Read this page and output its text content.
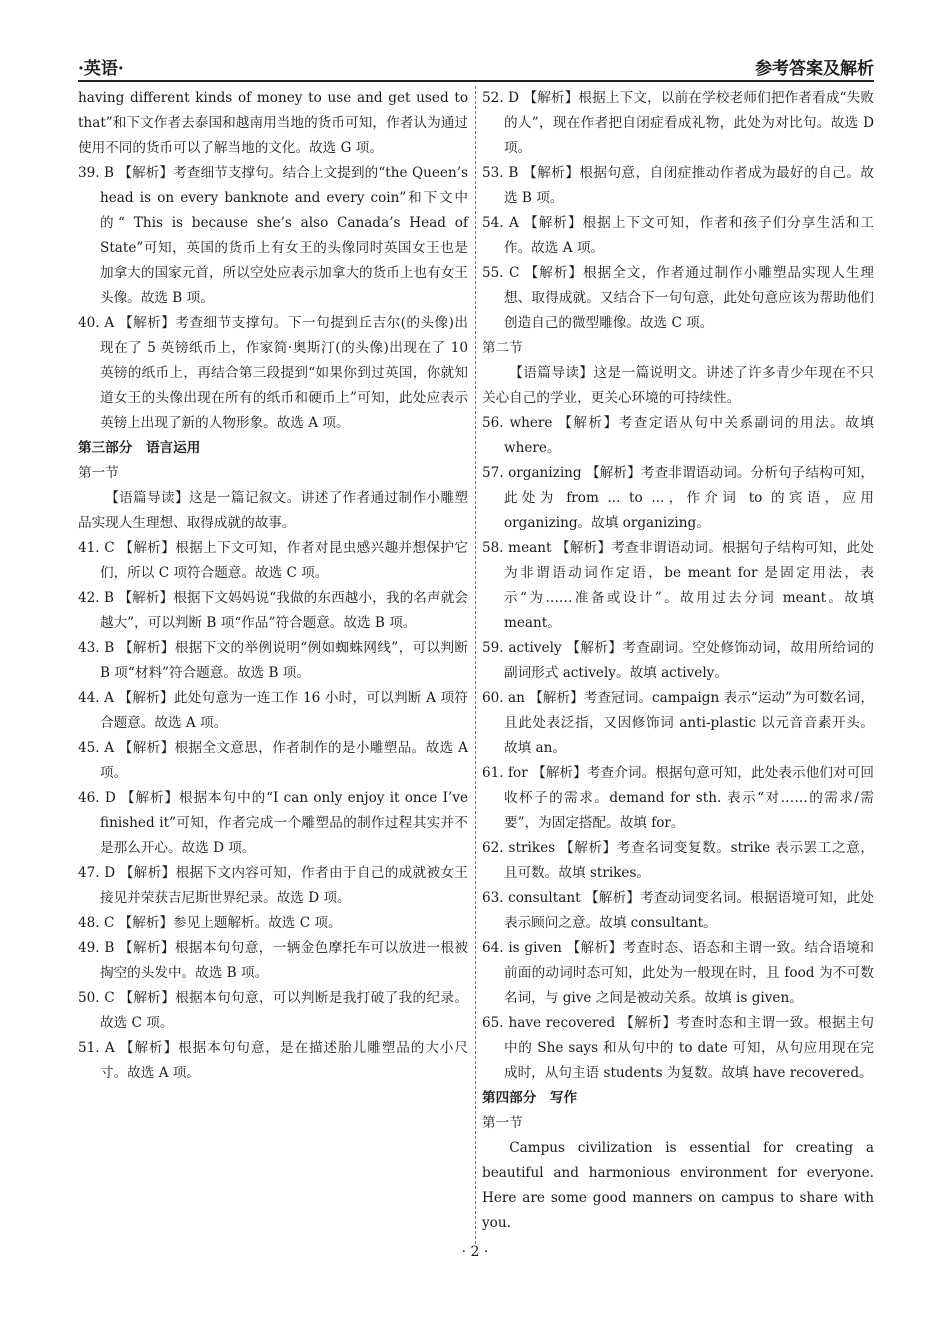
·英语·	参考答案及解析

having different kinds of money to use and get used to that”和下文作者去泰国和越南用当地的货币可知，作者认为通过使用不同的货币可以了解当地的文化。故选 G 项。

39. B 【解析】考查细节支撑句。结合上文提到的“the Queen’s head is on every banknote and every coin”和下文中的“ This is because she’s also Canada’s Head of State”可知，英国的货币上有女王的头像同时英国女王也是加拿大的国家元首，所以空处应表示加拿大的货币上也有女王头像。故选 B 项。

40. A 【解析】考查细节支撑句。下一句提到丘吉尔(的头像)出现在了 5 英镑纸币上，作家简·奥斯汀(的头像)出现在了 10 英镑的纸币上，再结合第三段提到“如果你到过英国，你就知道女王的头像出现在所有的纸币和硬币上”可知，此处应表示英镑上出现了新的人物形象。故选 A 项。

第三部分　语言运用

第一节

【语篇导读】这是一篇记叙文。讲述了作者通过制作小雕塑品实现人生理想、取得成就的故事。

41. C 【解析】根据上下文可知，作者对昆虫感兴趣并想保护它们，所以 C 项符合题意。故选 C 项。

42. B 【解析】根据下文妈妈说“我做的东西越小，我的名声就会越大”，可以判断 B 项“作品”符合题意。故选 B 项。

43. B 【解析】根据下文的举例说明“例如蜘蛛网线”，可以判断 B 项“材料”符合题意。故选 B 项。

44. A 【解析】此处句意为一连工作 16 小时，可以判断 A 项符合题意。故选 A 项。

45. A 【解析】根据全文意思，作者制作的是小雕塑品。故选 A 项。

46. D 【解析】根据本句中的“I can only enjoy it once I’ve finished it”可知，作者完成一个雕塑品的制作过程其实并不是那么开心。故选 D 项。

47. D 【解析】根据下文内容可知，作者由于自己的成就被女王接见并荣获吉尼斯世界纪录。故选 D 项。

48. C 【解析】参见上题解析。故选 C 项。

49. B 【解析】根据本句句意，一辆金色摩托车可以放进一根被掏空的头发中。故选 B 项。

50. C 【解析】根据本句句意，可以判断是我打破了我的纪录。故选 C 项。

51. A 【解析】根据本句句意，是在描述胎儿雕塑品的大小尺寸。故选 A 项。

52. D 【解析】根据上下文，以前在学校老师们把作者看成“失败的人”，现在作者把自闭症看成礼物，此处为对比句。故选 D 项。

53. B 【解析】根据句意，自闭症推动作者成为最好的自己。故选 B 项。

54. A 【解析】根据上下文可知，作者和孩子们分享生活和工作。故选 A 项。

55. C 【解析】根据全文，作者通过制作小雕塑品实现人生理想、取得成就。又结合下一句句意，此处句意应该为帮助他们创造自己的微型雕像。故选 C 项。

第二节

【语篇导读】这是一篇说明文。讲述了许多青少年现在不只关心自己的学业，更关心环境的可持续性。

56. where 【解析】考查定语从句中关系副词的用法。故填 where。

57. organizing 【解析】考查非谓语动词。分析句子结构可知，此处为 from ... to ...，作介词 to 的宾语，应用 organizing。故填 organizing。

58. meant 【解析】考查非谓语动词。根据句子结构可知，此处为非谓语动词作定语，be meant for 是固定用法，表示“为……准备或设计”。故用过去分词 meant。故填 meant。

59. actively 【解析】考查副词。空处修饰动词，故用所给词的副词形式 actively。故填 actively。

60. an 【解析】考查冠词。campaign 表示“运动”为可数名词，且此处表泛指，又因修饰词 anti-plastic 以元音音素开头。故填 an。

61. for 【解析】考查介词。根据句意可知，此处表示他们对可回收杯子的需求。demand for sth. 表示“对……的需求/需要”，为固定搭配。故填 for。

62. strikes 【解析】考查名词变复数。strike 表示罢工之意，且可数。故填 strikes。

63. consultant 【解析】考查动词变名词。根据语境可知，此处表示顾问之意。故填 consultant。

64. is given 【解析】考查时态、语态和主谓一致。结合语境和前面的动词时态可知，此处为一般现在时，且 food 为不可数名词，与 give 之间是被动关系。故填 is given。

65. have recovered 【解析】考查时态和主谓一致。根据主句中的 She says 和从句中的 to date 可知，从句应用现在完成时，从句主语 students 为复数。故填 have recovered。

第四部分　写作

第一节

Campus civilization is essential for creating a beautiful and harmonious environment for everyone. Here are some good manners on campus to share with you.

· 2 ·
